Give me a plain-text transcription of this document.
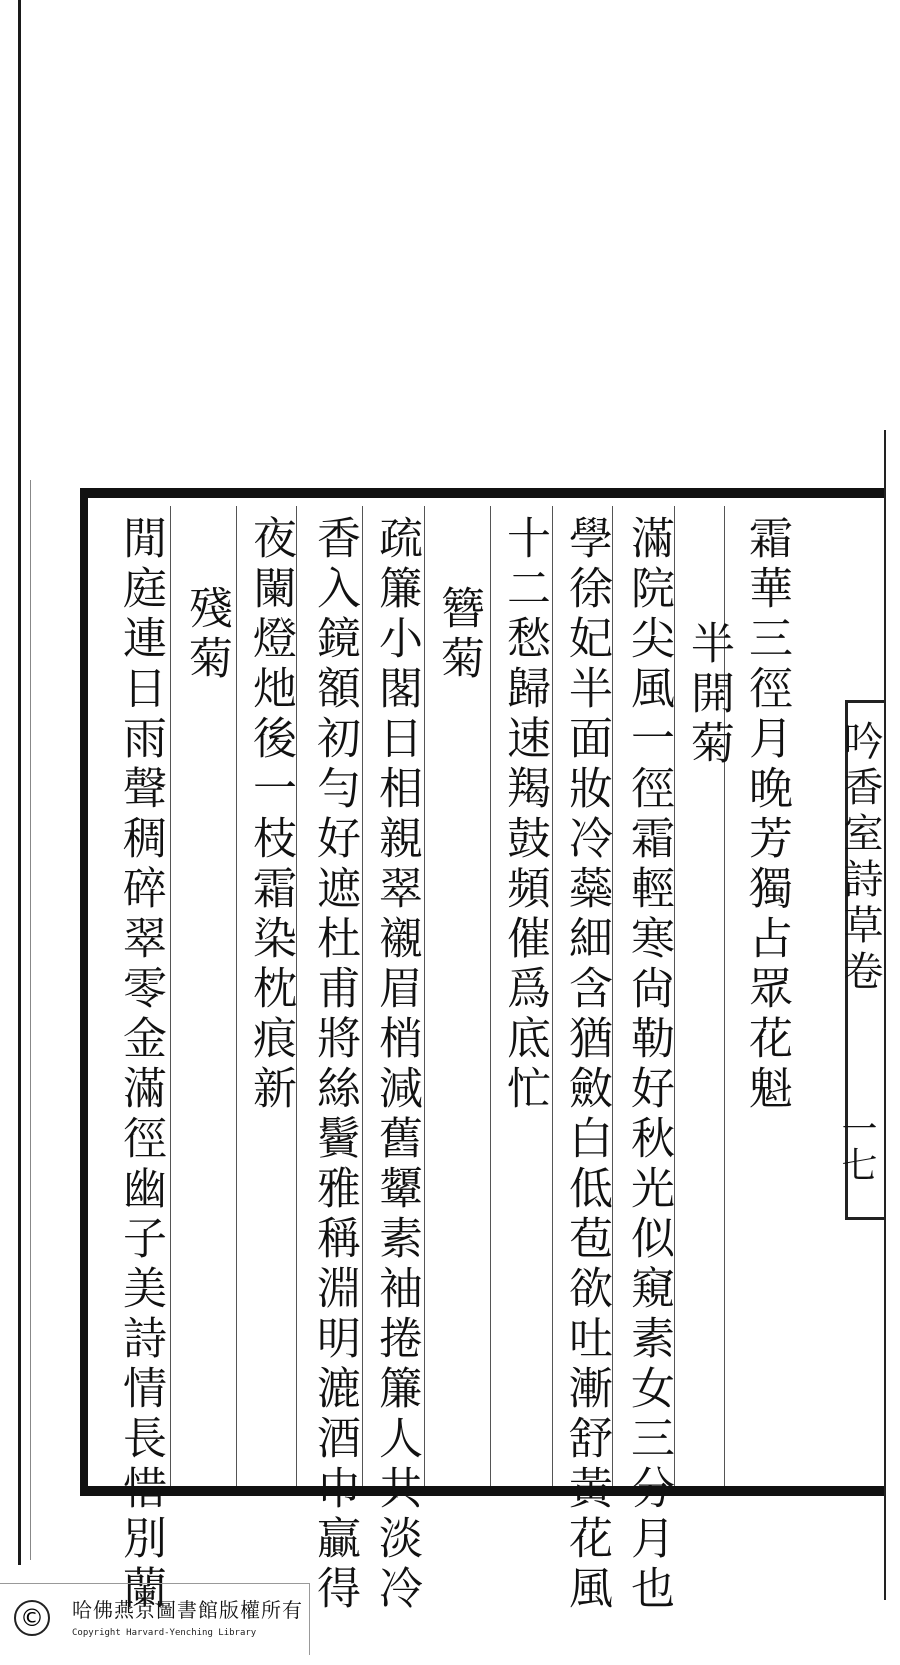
吟香室詩草卷
一七
霜華三徑月晚芳獨占眾花魁
半開菊
滿院尖風一徑霜輕寒尙勒好秋光似窺素女三分月也
學徐妃半面妝冷蘂細含猶斂白低苞欲吐漸舒黃花風
十二愁歸速羯鼓頻催爲底忙
簪菊
疏簾小閣日相親翠襯眉梢減舊顰素袖捲簾人共淡冷
香入鏡額初勻好遮杜甫將絲鬢雅稱淵明漉酒巾贏得
夜闌燈灺後一枝霜染枕痕新
殘菊
閒庭連日雨聲稠碎翠零金滿徑幽子美詩情長惜別蘭
©	哈佛燕京圖書館版權所有
Copyright Harvard-Yenching Library
